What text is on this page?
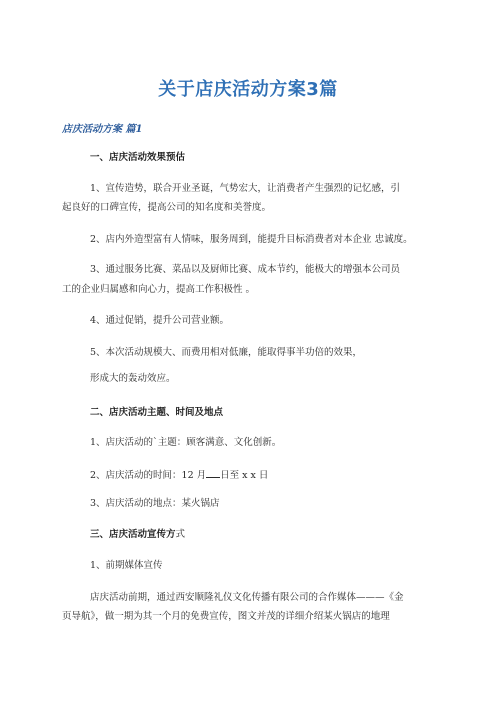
关于店庆活动方案3篇
店庆活动方案 篇1
一、店庆活动效果预估
1、宣传造势，联合开业圣诞，气势宏大，让消费者产生强烈的记忆感，引
起良好的口碑宣传，提高公司的知名度和美誉度。
2、店内外造型富有人情味，服务周到，能提升目标消费者对本企业 忠诚度。
3、通过服务比赛、菜品以及厨师比赛、成本节约，能极大的增强本公司员
工的企业归属感和向心力，提高工作积极性 。
4、通过促销，提升公司营业额。
5、本次活动规模大、而费用相对低廉，能取得事半功倍的效果，
形成大的轰动效应。
二、店庆活动主题、时间及地点
1、店庆活动的`主题：顾客满意、文化创新。
2、店庆活动的时间：12 月 日至 x x 日
3、店庆活动的地点：某火锅店
三、店庆活动宣传方式
1、前期媒体宣传
店庆活动前期，通过西安顺隆礼仪文化传播有限公司的合作媒体———《金
页导航》，做一期为其一个月的免费宣传，图文并茂的详细介绍某火锅店的地理
